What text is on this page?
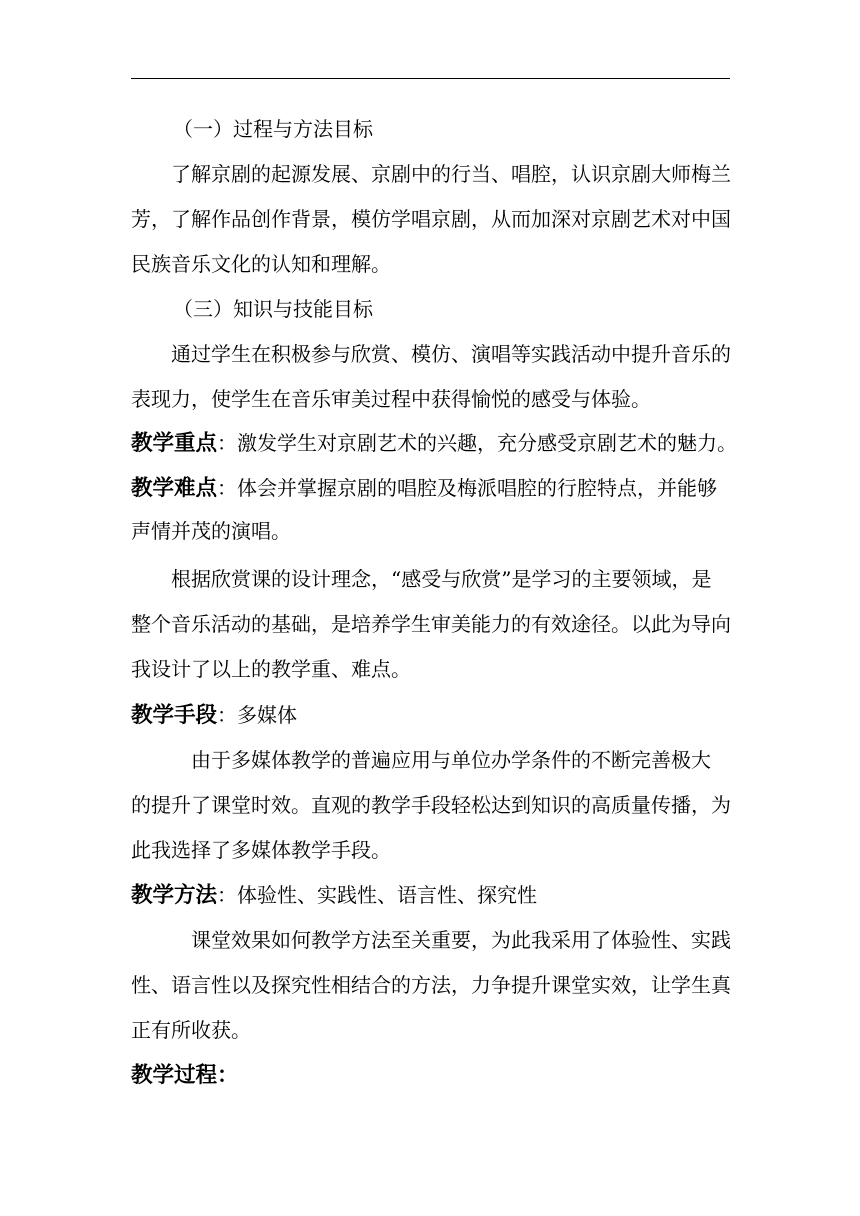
（一）过程与方法目标
了解京剧的起源发展、京剧中的行当、唱腔，认识京剧大师梅兰
芳，了解作品创作背景，模仿学唱京剧，从而加深对京剧艺术对中国
民族音乐文化的认知和理解。
（三）知识与技能目标
通过学生在积极参与欣赏、模仿、演唱等实践活动中提升音乐的
表现力，使学生在音乐审美过程中获得愉悦的感受与体验。
教学重点：激发学生对京剧艺术的兴趣，充分感受京剧艺术的魅力。
教学难点：体会并掌握京剧的唱腔及梅派唱腔的行腔特点，并能够
声情并茂的演唱。
根据欣赏课的设计理念，“感受与欣赏”是学习的主要领域，是
整个音乐活动的基础，是培养学生审美能力的有效途径。以此为导向
我设计了以上的教学重、难点。
教学手段：多媒体
由于多媒体教学的普遍应用与单位办学条件的不断完善极大
的提升了课堂时效。直观的教学手段轻松达到知识的高质量传播，为
此我选择了多媒体教学手段。
教学方法：体验性、实践性、语言性、探究性
课堂效果如何教学方法至关重要，为此我采用了体验性、实践
性、语言性以及探究性相结合的方法，力争提升课堂实效，让学生真
正有所收获。
教学过程：
